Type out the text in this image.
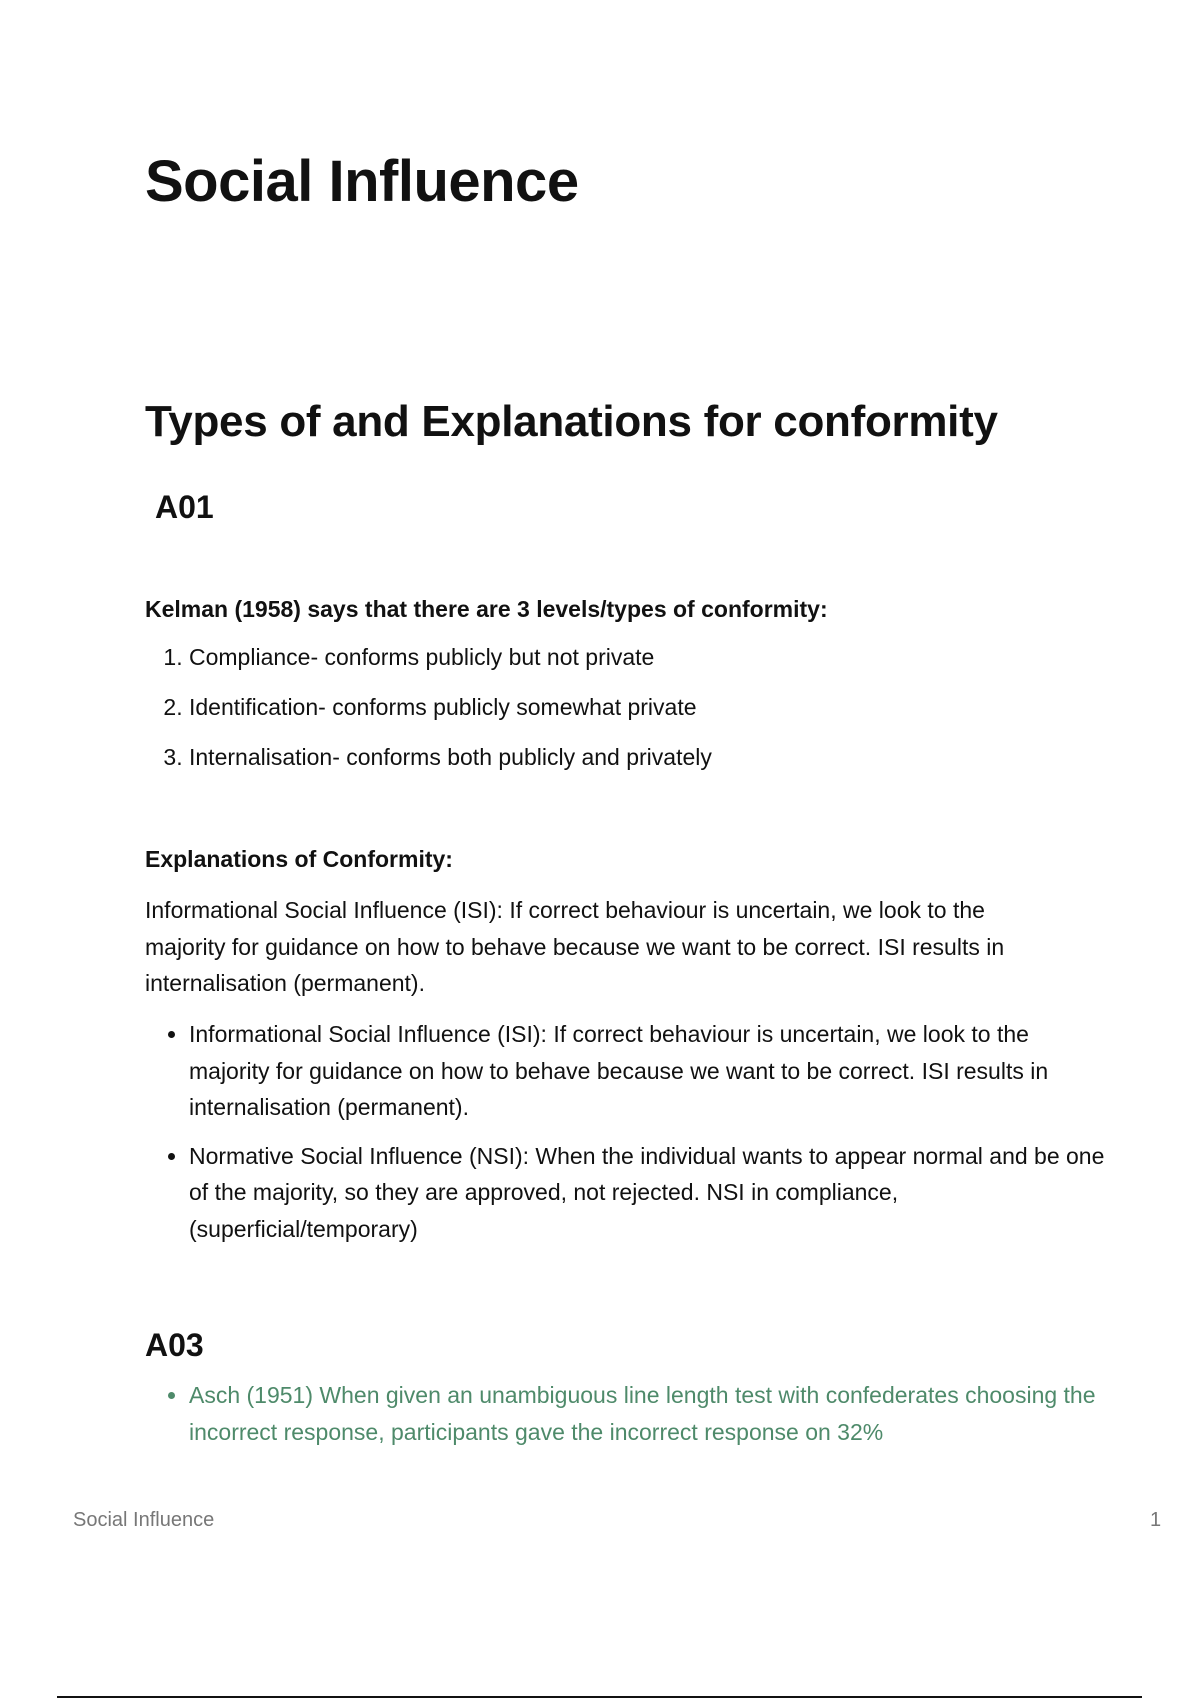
Social Influence
Types of and Explanations for conformity
A01

Kelman (1958) says that there are 3 levels/types of conformity:

1. Compliance- conforms publicly but not private
2. Identification- conforms publicly somewhat private
3. Internalisation- conforms both publicly and privately

Explanations of Conformity:

Informational Social Influence (ISI): If correct behaviour is uncertain, we look to the majority for guidance on how to behave because we want to be correct. ISI results in internalisation (permanent).

• Informational Social Influence (ISI): If correct behaviour is uncertain, we look to the majority for guidance on how to behave because we want to be correct. ISI results in internalisation (permanent).
• Normative Social Influence (NSI): When the individual wants to appear normal and be one of the majority, so they are approved, not rejected. NSI in compliance, (superficial/temporary)
A03
• Asch (1951) When given an unambiguous line length test with confederates choosing the incorrect response, participants gave the incorrect response on 32%
Social Influence	1
